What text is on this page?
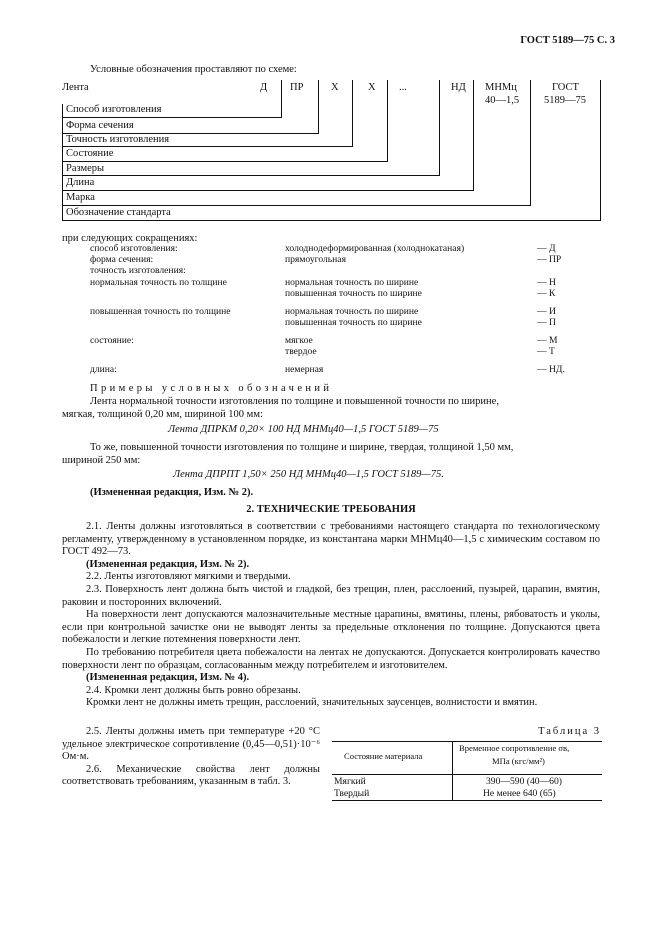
ГОСТ 5189—75 С. 3
Условные обозначения проставляют по схеме:
Лента	Д ПР	X	X ...	НД МНМц
40—1,5
ГОСТ
5189—75
Способ изготовления
Форма сечения
Точность изготовления
Состояние
Размеры
Длина
Марка
Обозначение стандарта
при следующих сокращениях:
способ изготовления:	холоднодеформированная (холоднокатаная)	— Д
форма сечения:	прямоугольная	— ПР
точность изготовления:
нормальная точность по толщине	нормальная точность по ширине	— Н
повышенная точность по ширине	— К
повышенная точность по толщине	нормальная точность по ширине	— И
повышенная точность по ширине	— П
состояние:	мягкое	— М
твердое	— Т
длина:	немерная	— НД.
Примеры условных обозначений
Лента нормальной точности изготовления по толщине и повышенной точности по ширине,
мягкая, толщиной 0,20 мм, шириной 100 мм:
Лента ДПРКМ 0,20× 100 НД МНМц40—1,5 ГОСТ 5189—75
То же, повышенной точности изготовления по толщине и ширине, твердая, толщиной 1,50 мм,
шириной 250 мм:
Лента ДПРПТ 1,50× 250 НД МНМц40—1,5 ГОСТ 5189—75.
(Измененная редакция, Изм. № 2).
2. ТЕХНИЧЕСКИЕ ТРЕБОВАНИЯ

2.1. Ленты должны изготовляться в соответствии с требованиями настоящего стандарта по технологическому регламенту, утвержденному в установленном порядке, из константана марки МНМц40—1,5 с химическим составом по ГОСТ 492—73.

(Измененная редакция, Изм. № 2).

2.2. Ленты изготовляют мягкими и твердыми.

2.3. Поверхность лент должна быть чистой и гладкой, без трещин, плен, расслоений, пузырей, царапин, вмятин, раковин и посторонних включений.

На поверхности лент допускаются малозначительные местные царапины, вмятины, плены, рябоватость и уколы, если при контрольной зачистке они не выводят ленты за предельные отклонения по толщине. Допускаются цвета побежалости и легкие потемнения поверхности лент.

По требованию потребителя цвета побежалости на лентах не допускаются. Допускается контролировать качество поверхности лент по образцам, согласованным между потребителем и изготовителем.

(Измененная редакция, Изм. № 4).

2.4. Кромки лент должны быть ровно обрезаны.

Кромки лент не должны иметь трещин, расслоений, значительных заусенцев, волнистости и вмятин.

2.5. Ленты должны иметь при температуре +20 °С удельное электрическое сопротивление (0,45—0,51)·10⁻⁶ Ом·м.

2.6. Механические свойства лент должны соответствовать требованиям, указанным в табл. 3.

Таблица 3
Состояние материала
Временное сопротивление σв,
МПа (кгс/мм²)
Мягкий	390—590 (40—60)
Твердый	Не менее 640 (65)
